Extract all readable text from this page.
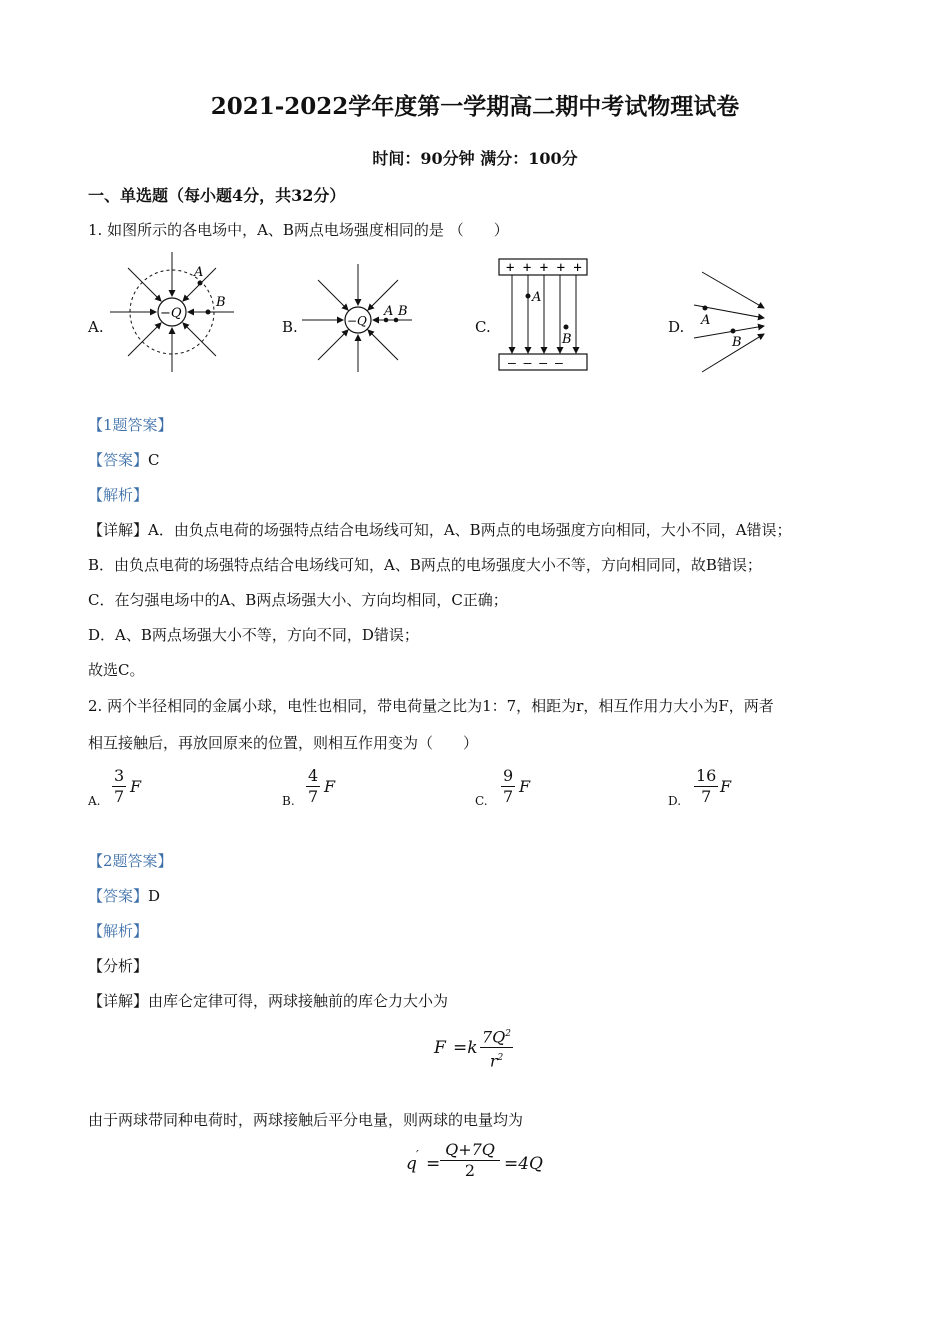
2021-2022学年度第一学期高二期中考试物理试卷
时间：90分钟 满分：100分
一、单选题（每小题4分，共32分）
1. 如图所示的各电场中，A、B两点电场强度相同的是 （　　）
A.	B.	C.	D.
A
B
−Q	A B
−Q
+ + + + +
— — — —
A
B
A
B
【1题答案】
【答案】C
【解析】
【详解】A．由负点电荷的场强特点结合电场线可知，A、B两点的电场强度方向相同，大小不同，A错误；
B．由负点电荷的场强特点结合电场线可知，A、B两点的电场强度大小不等，方向相同同，故B错误；
C．在匀强电场中的A、B两点场强大小、方向均相同，C正确；
D．A、B两点场强大小不等，方向不同，D错误；
故选C。
2. 两个半径相同的金属小球，电性也相同，带电荷量之比为1：7，相距为r，相互作用力大小为F，两者
相互接触后，再放回原来的位置，则相互作用变为（　　）
A. $\frac{3}{7}$ F
B. $\frac{4}{7}$ F
C. $\frac{9}{7}$ F
D. $\frac{16}{7}$ F
【2题答案】
【答案】D
【解析】
【分析】
【详解】由库仑定律可得，两球接触前的库仑力大小为
$F =k \frac{7Q^2}{r^2}$
由于两球带同种电荷时，两球接触后平分电量，则两球的电量均为
q ′ = $\frac{Q+7Q}{2} =4Q$
